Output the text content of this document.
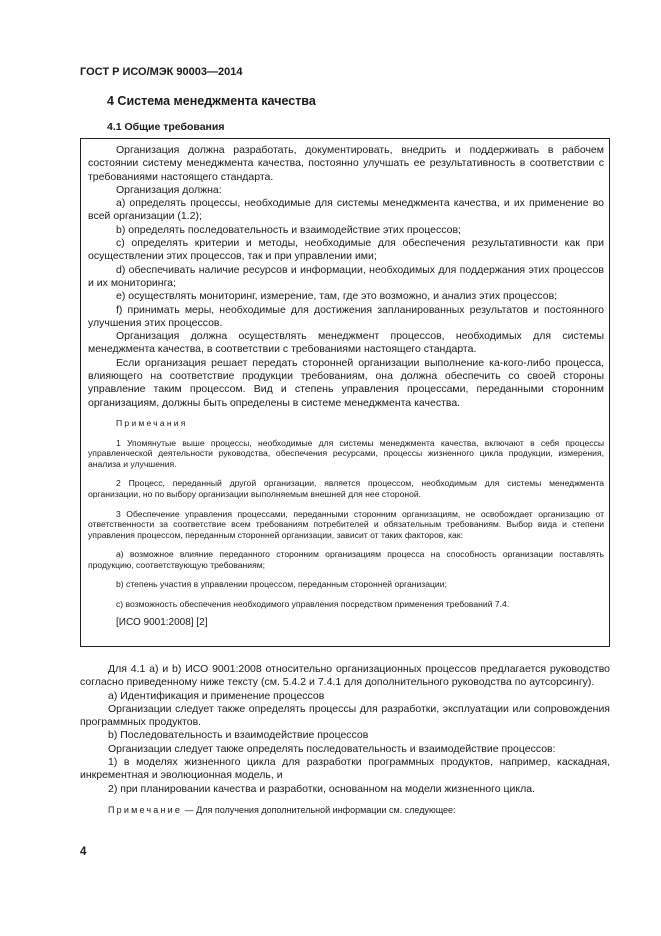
ГОСТ Р ИСО/МЭК 90003—2014
4 Система менеджмента качества
4.1 Общие требования

Организация должна разработать, документировать, внедрить и поддерживать в рабочем состоянии систему менеджмента качества, постоянно улучшать ее результативность в соответствии с требованиями настоящего стандарта.

Организация должна:

a) определять процессы, необходимые для системы менеджмента качества, и их применение во всей организации (1.2);

b) определять последовательность и взаимодействие этих процессов;

c) определять критерии и методы, необходимые для обеспечения результативности как при осуществлении этих процессов, так и при управлении ими;

d) обеспечивать наличие ресурсов и информации, необходимых для поддержания этих процессов и их мониторинга;

e) осуществлять мониторинг, измерение, там, где это возможно, и анализ этих процессов;

f) принимать меры, необходимые для достижения запланированных результатов и постоянного улучшения этих процессов.

Организация должна осуществлять менеджмент процессов, необходимых для системы менеджмента качества, в соответствии с требованиями настоящего стандарта.

Если организация решает передать сторонней организации выполнение ка-кого-либо процесса, влияющего на соответствие продукции требованиям, она должна обеспечить со своей стороны управление таким процессом. Вид и степень управления процессами, переданными сторонним организациям, должны быть определены в системе менеджмента качества.

Примечания

1 Упомянутые выше процессы, необходимые для системы менеджмента качества, включают в себя процессы управленческой деятельности руководства, обеспечения ресурсами, процессы жизненного цикла продукции, измерения, анализа и улучшения.

2 Процесс, переданный другой организации, является процессом, необходимым для системы менеджмента организации, но по выбору организации выполняемым внешней для нее стороной.

3 Обеспечение управления процессами, переданными сторонним организациям, не освобождает организацию от ответственности за соответствие всем требованиям потребителей и обязательным требованиям. Выбор вида и степени управления процессом, переданным сторонней организации, зависит от таких факторов, как:

a) возможное влияние переданного сторонним организациям процесса на способность организации поставлять продукцию, соответствующую требованиям;

b) степень участия в управлении процессом, переданным сторонней организации;

c) возможность обеспечения необходимого управления посредством применения требований 7.4.

[ИСО 9001:2008] [2]

Для 4.1 a) и b) ИСО 9001:2008 относительно организационных процессов предлагается руководство согласно приведенному ниже тексту (см. 5.4.2 и 7.4.1 для дополнительного руководства по аутсорсингу).

a) Идентификация и применение процессов

Организации следует также определять процессы для разработки, эксплуатации или сопровождения программных продуктов.

b) Последовательность и взаимодействие процессов

Организации следует также определять последовательность и взаимодействие процессов:

1) в моделях жизненного цикла для разработки программных продуктов, например, каскадная, инкрементная и эволюционная модель, и

2) при планировании качества и разработки, основанном на модели жизненного цикла.

Примечание — Для получения дополнительной информации см. следующее:

4
